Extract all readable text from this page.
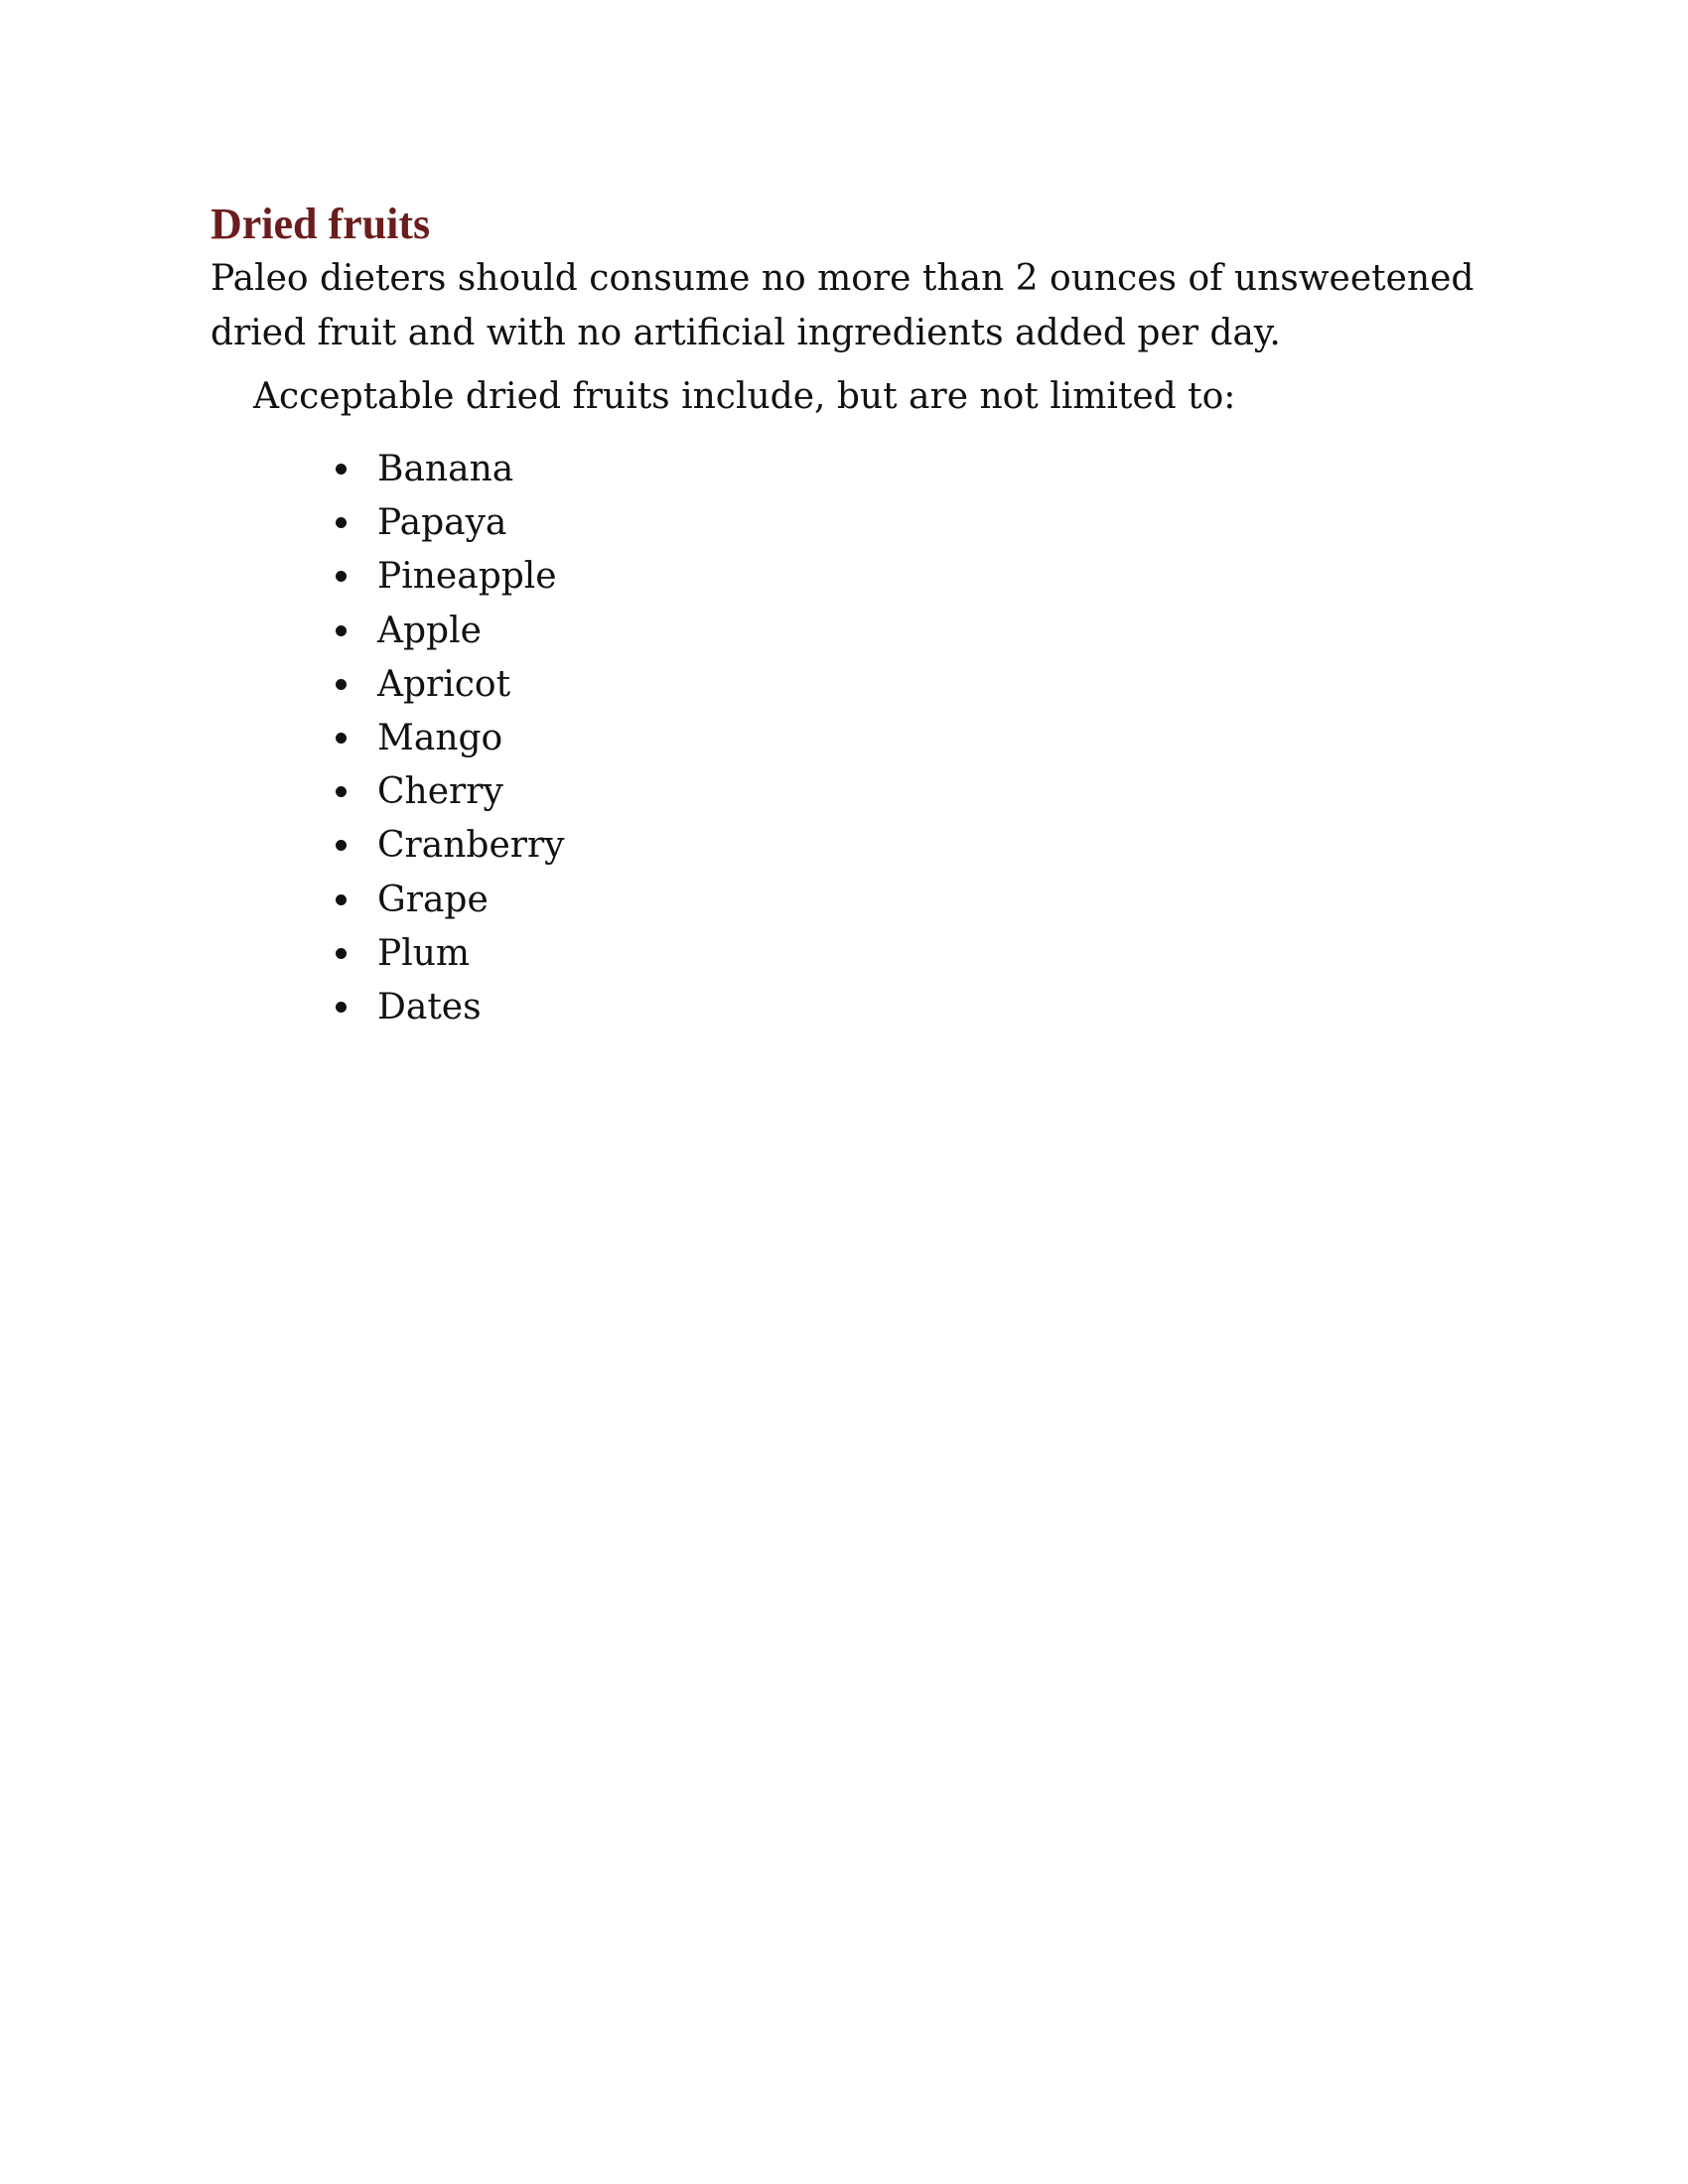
Dried fruits

Paleo dieters should consume no more than 2 ounces of unsweetened dried fruit and with no artificial ingredients added per day.

Acceptable dried fruits include, but are not limited to:

Banana
Papaya
Pineapple
Apple
Apricot
Mango
Cherry
Cranberry
Grape
Plum
Dates
